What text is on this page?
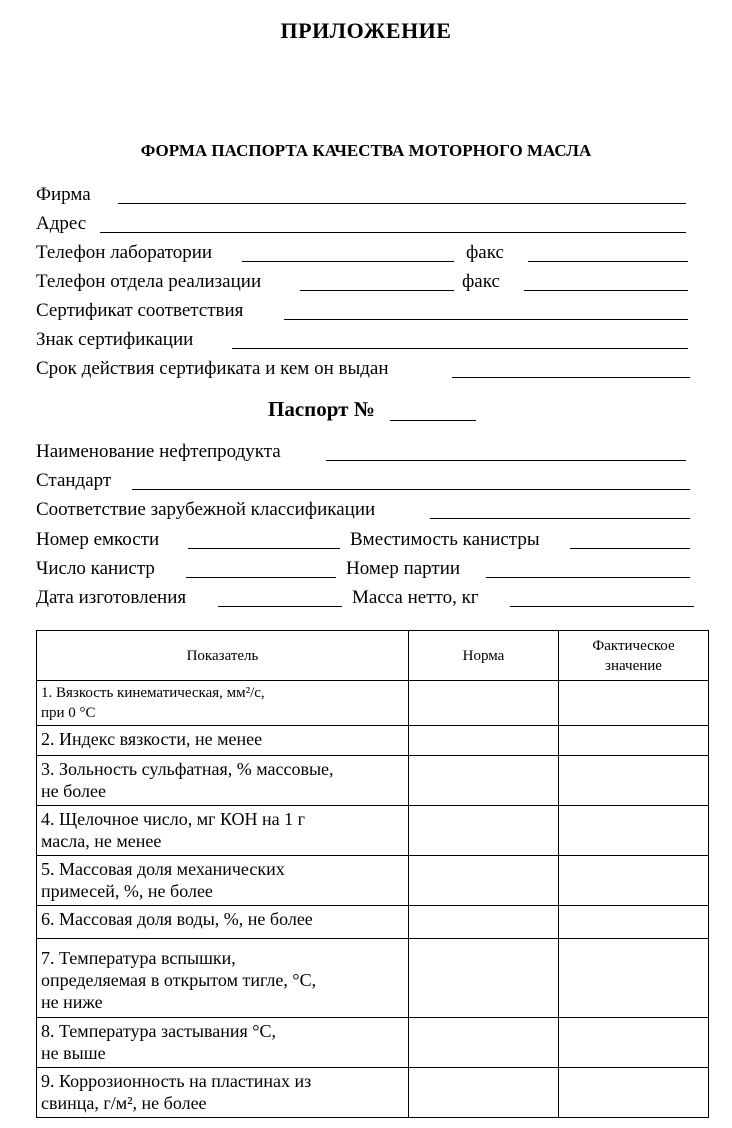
ПРИЛОЖЕНИЕ
ФОРМА ПАСПОРТА КАЧЕСТВА МОТОРНОГО МАСЛА
Фирма
Адрес
Телефон лаборатории	факс
Телефон отдела реализации	факс
Сертификат соответствия
Знак сертификации
Срок действия сертификата и кем он выдан
Паспорт №
Наименование нефтепродукта
Стандарт
Соответствие зарубежной классификации
Номер емкости	Вместимость канистры
Число канистр	Номер партии
Дата изготовления	Масса нетто, кг
Показатель	Норма	Фактическое
значение

1. Вязкость кинематическая, мм²/с,
при 0 °С		

2. Индекс вязкости, не менее		

3. Зольность сульфатная, % массовые,
не более		

4. Щелочное число, мг КОН на 1 г
масла, не менее		

5. Массовая доля механических
примесей, %, не более		

6. Массовая доля воды, %, не более		

7. Температура вспышки,
определяемая в открытом тигле, °С,
не ниже		

8. Температура застывания °С,
не выше		

9. Коррозионность на пластинах из
свинца, г/м², не более		
